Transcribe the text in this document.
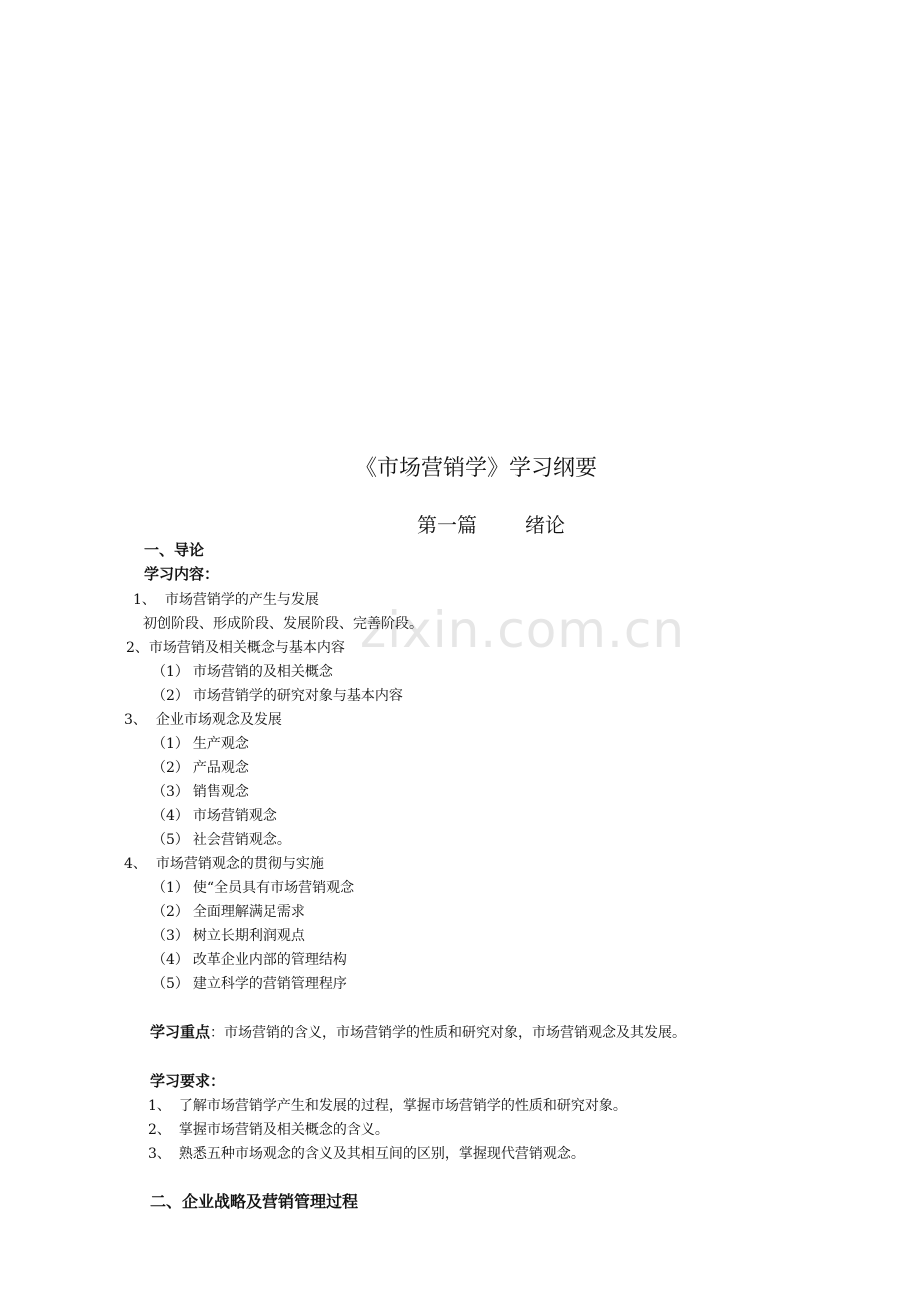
zixin.com.cn
《市场营销学》学习纲要
第一篇 绪论
一、导论
学习内容：
1、 市场营销学的产生与发展
初创阶段、形成阶段、发展阶段、完善阶段。
2、市场营销及相关概念与基本内容
（1） 市场营销的及相关概念
（2） 市场营销学的研究对象与基本内容
3、 企业市场观念及发展
（1） 生产观念
（2） 产品观念
（3） 销售观念
（4） 市场营销观念
（5） 社会营销观念。
4、 市场营销观念的贯彻与实施
（1） 使“全员具有市场营销观念
（2） 全面理解满足需求
（3） 树立长期利润观点
（4） 改革企业内部的管理结构
（5） 建立科学的营销管理程序
学习重点：市场营销的含义，市场营销学的性质和研究对象，市场营销观念及其发展。
学习要求：
1、 了解市场营销学产生和发展的过程，掌握市场营销学的性质和研究对象。
2、 掌握市场营销及相关概念的含义。
3、 熟悉五种市场观念的含义及其相互间的区别，掌握现代营销观念。
二、企业战略及营销管理过程
